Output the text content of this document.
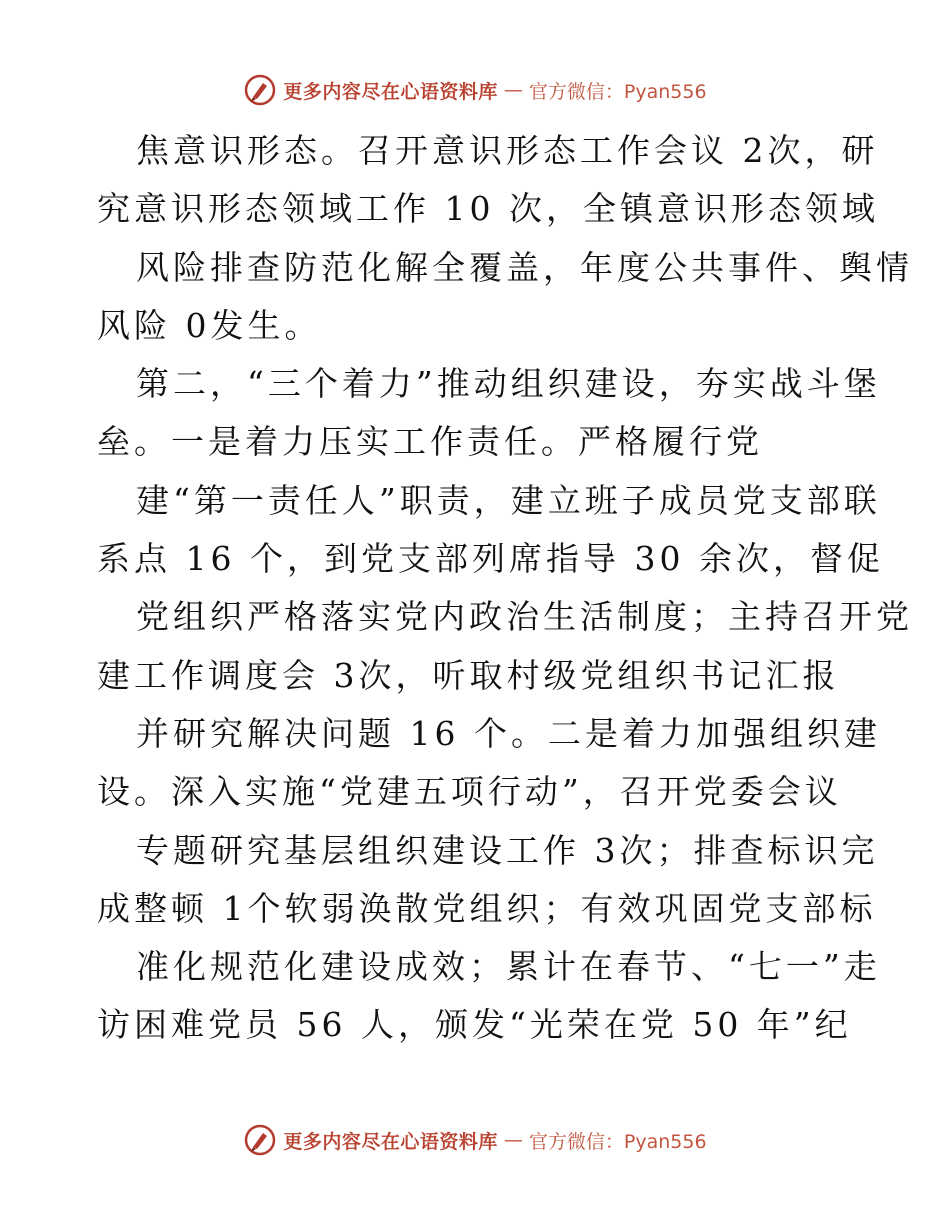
更多内容尽在心语资料库 — 官方微信：Pyan556
焦意识形态。召开意识形态工作会议 2次，研
究意识形态领域工作 10 次，全镇意识形态领域
风险排查防范化解全覆盖，年度公共事件、舆情
风险 0发生。
第二，“三个着力”推动组织建设，夯实战斗堡
垒。一是着力压实工作责任。严格履行党
建“第一责任人”职责，建立班子成员党支部联
系点 16 个，到党支部列席指导 30 余次，督促
党组织严格落实党内政治生活制度；主持召开党
建工作调度会 3次，听取村级党组织书记汇报
并研究解决问题 16 个。二是着力加强组织建
设。深入实施“党建五项行动”，召开党委会议
专题研究基层组织建设工作 3次；排查标识完
成整顿 1个软弱涣散党组织；有效巩固党支部标
准化规范化建设成效；累计在春节、“七一”走
访困难党员 56 人，颁发“光荣在党 50 年”纪
更多内容尽在心语资料库 — 官方微信：Pyan556
